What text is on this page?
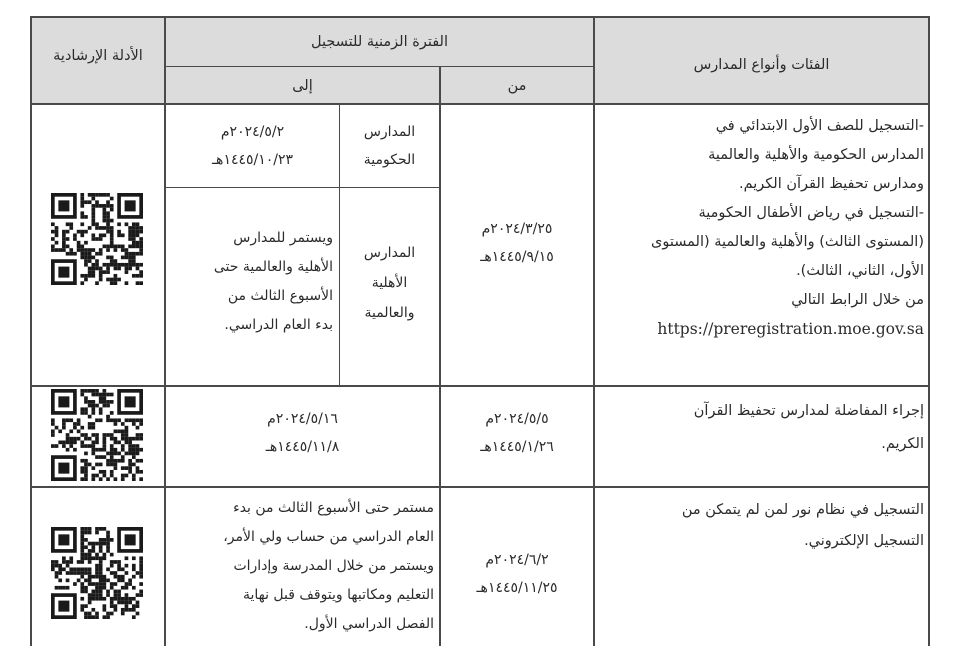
الأدلة الإرشادية
الفترة الزمنية للتسجيل
إلى	من
الفئات وأنواع المدارس
-التسجيل للصف الأول الابتدائي في
المدارس الحكومية والأهلية والعالمية
ومدارس تحفيظ القرآن الكريم.
-التسجيل في رياض الأطفال الحكومية
(المستوى الثالث) والأهلية والعالمية (المستوى
الأول، الثاني، الثالث).
من خلال الرابط التالي
https://preregistration.moe.gov.sa
٢٠٢٤/٣/٢٥م
١٤٤٥/٩/١٥هـ
المدارس
الحكومية
٢٠٢٤/٥/٢م
١٤٤٥/١٠/٢٣هـ
المدارس
الأهلية
والعالمية
ويستمر للمدارس
الأهلية والعالمية حتى
الأسبوع الثالث من
بدء العام الدراسي.
إجراء المفاضلة لمدارس تحفيظ القرآن
الكريم.
٢٠٢٤/٥/٥م
١٤٤٥/١/٢٦هـ
٢٠٢٤/٥/١٦م
١٤٤٥/١١/٨هـ
التسجيل في نظام نور لمن لم يتمكن من
التسجيل الإلكتروني.
٢٠٢٤/٦/٢م
١٤٤٥/١١/٢٥هـ
مستمر حتى الأسبوع الثالث من بدء
العام الدراسي من حساب ولي الأمر،
ويستمر من خلال المدرسة وإدارات
التعليم ومكاتبها ويتوقف قبل نهاية
الفصل الدراسي الأول.
